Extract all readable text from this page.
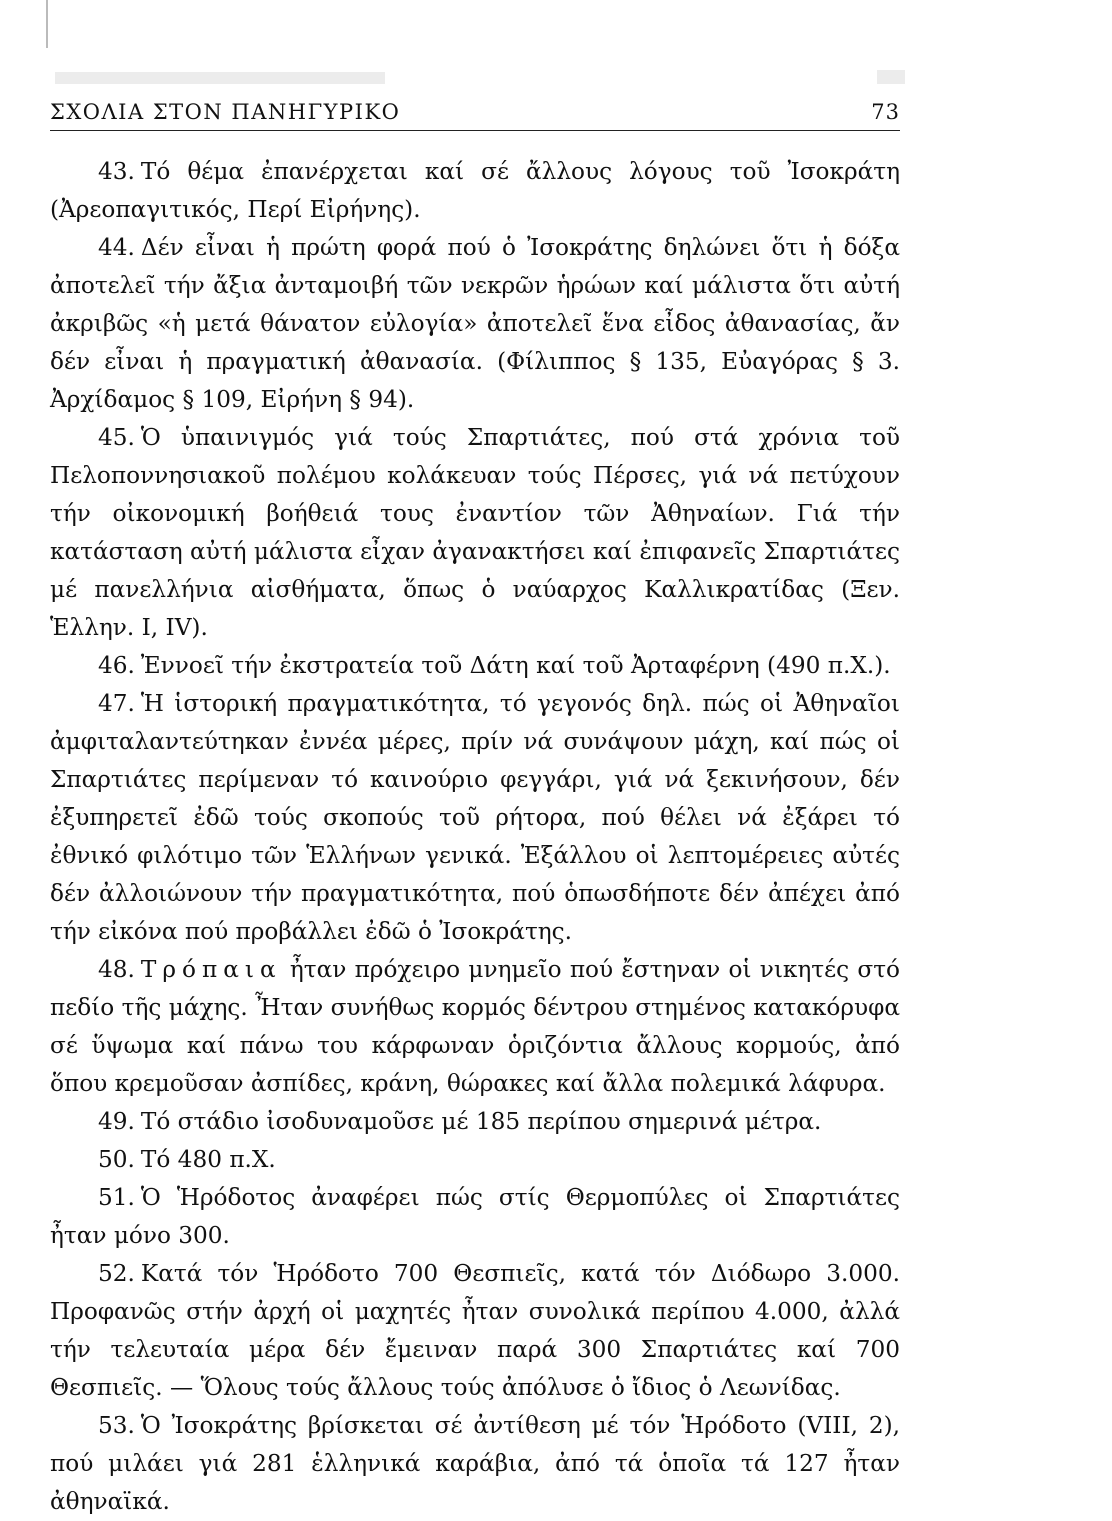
ΣΧΟΛΙΑ ΣΤΟΝ ΠΑΝΗΓΥΡΙΚΟ	73

43. Τό θέμα ἐπανέρχεται καί σέ ἄλλους λόγους τοῦ Ἰσοκράτη (Ἀρεοπαγιτικός, Περί Εἰρήνης).

44. Δέν εἶναι ἡ πρώτη φορά πού ὁ Ἰσοκράτης δηλώνει ὅτι ἡ δόξα ἀποτελεῖ τήν ἄξια ἀνταμοιβή τῶν νεκρῶν ἡρώων καί μάλιστα ὅτι αὐτή ἀκριβῶς «ἡ μετά θάνατον εὐλογία» ἀποτελεῖ ἕνα εἶδος ἀθανασίας, ἄν δέν εἶναι ἡ πραγματική ἀθανασία. (Φίλιππος § 135, Εὐαγόρας § 3. Ἀρχίδαμος § 109, Εἰρήνη § 94).

45. Ὁ ὑπαινιγμός γιά τούς Σπαρτιάτες, πού στά χρόνια τοῦ Πελοποννησιακοῦ πολέμου κολάκευαν τούς Πέρσες, γιά νά πετύχουν τήν οἰκονομική βοήθειά τους ἐναντίον τῶν Ἀθηναίων. Γιά τήν κατάσταση αὐτή μάλιστα εἶχαν ἀγανακτήσει καί ἐπιφανεῖς Σπαρτιάτες μέ πανελλήνια αἰσθήματα, ὅπως ὁ ναύαρχος Καλλικρατίδας (Ξεν. Ἑλλην. Ι, IV).

46. Ἐννοεῖ τήν ἐκστρατεία τοῦ Δάτη καί τοῦ Ἀρταφέρνη (490 π.Χ.).

47. Ἡ ἱστορική πραγματικότητα, τό γεγονός δηλ. πώς οἱ Ἀθηναῖοι ἀμφιταλαντεύτηκαν ἐννέα μέρες, πρίν νά συνάψουν μάχη, καί πώς οἱ Σπαρτιάτες περίμεναν τό καινούριο φεγγάρι, γιά νά ξεκινήσουν, δέν ἐξυπηρετεῖ ἐδῶ τούς σκοπούς τοῦ ρήτορα, πού θέλει νά ἐξάρει τό ἐθνικό φιλότιμο τῶν Ἑλλήνων γενικά. Ἐξάλλου οἱ λεπτομέρειες αὐτές δέν ἀλλοιώνουν τήν πραγματικότητα, πού ὁπωσδήποτε δέν ἀπέχει ἀπό τήν εἰκόνα πού προβάλλει ἐδῶ ὁ Ἰσοκράτης.

48. Τρόπαια ἦταν πρόχειρο μνημεῖο πού ἔστηναν οἱ νικητές στό πεδίο τῆς μάχης. Ἦταν συνήθως κορμός δέντρου στημένος κατακόρυφα σέ ὕψωμα καί πάνω του κάρφωναν ὁριζόντια ἄλλους κορμούς, ἀπό ὅπου κρεμοῦσαν ἀσπίδες, κράνη, θώρακες καί ἄλλα πολεμικά λάφυρα.

49. Τό στάδιο ἰσοδυναμοῦσε μέ 185 περίπου σημερινά μέτρα.

50. Τό 480 π.Χ.

51. Ὁ Ἡρόδοτος ἀναφέρει πώς στίς Θερμοπύλες οἱ Σπαρτιάτες ἦταν μόνο 300.

52. Κατά τόν Ἡρόδοτο 700 Θεσπιεῖς, κατά τόν Διόδωρο 3.000. Προφανῶς στήν ἀρχή οἱ μαχητές ἦταν συνολικά περίπου 4.000, ἀλλά τήν τελευταία μέρα δέν ἔμειναν παρά 300 Σπαρτιάτες καί 700 Θεσπιεῖς. — Ὅλους τούς ἄλλους τούς ἀπόλυσε ὁ ἴδιος ὁ Λεωνίδας.

53. Ὁ Ἰσοκράτης βρίσκεται σέ ἀντίθεση μέ τόν Ἡρόδοτο (VIII, 2), πού μιλάει γιά 281 ἑλληνικά καράβια, ἀπό τά ὁποῖα τά 127 ἦταν ἀθηναϊκά.
